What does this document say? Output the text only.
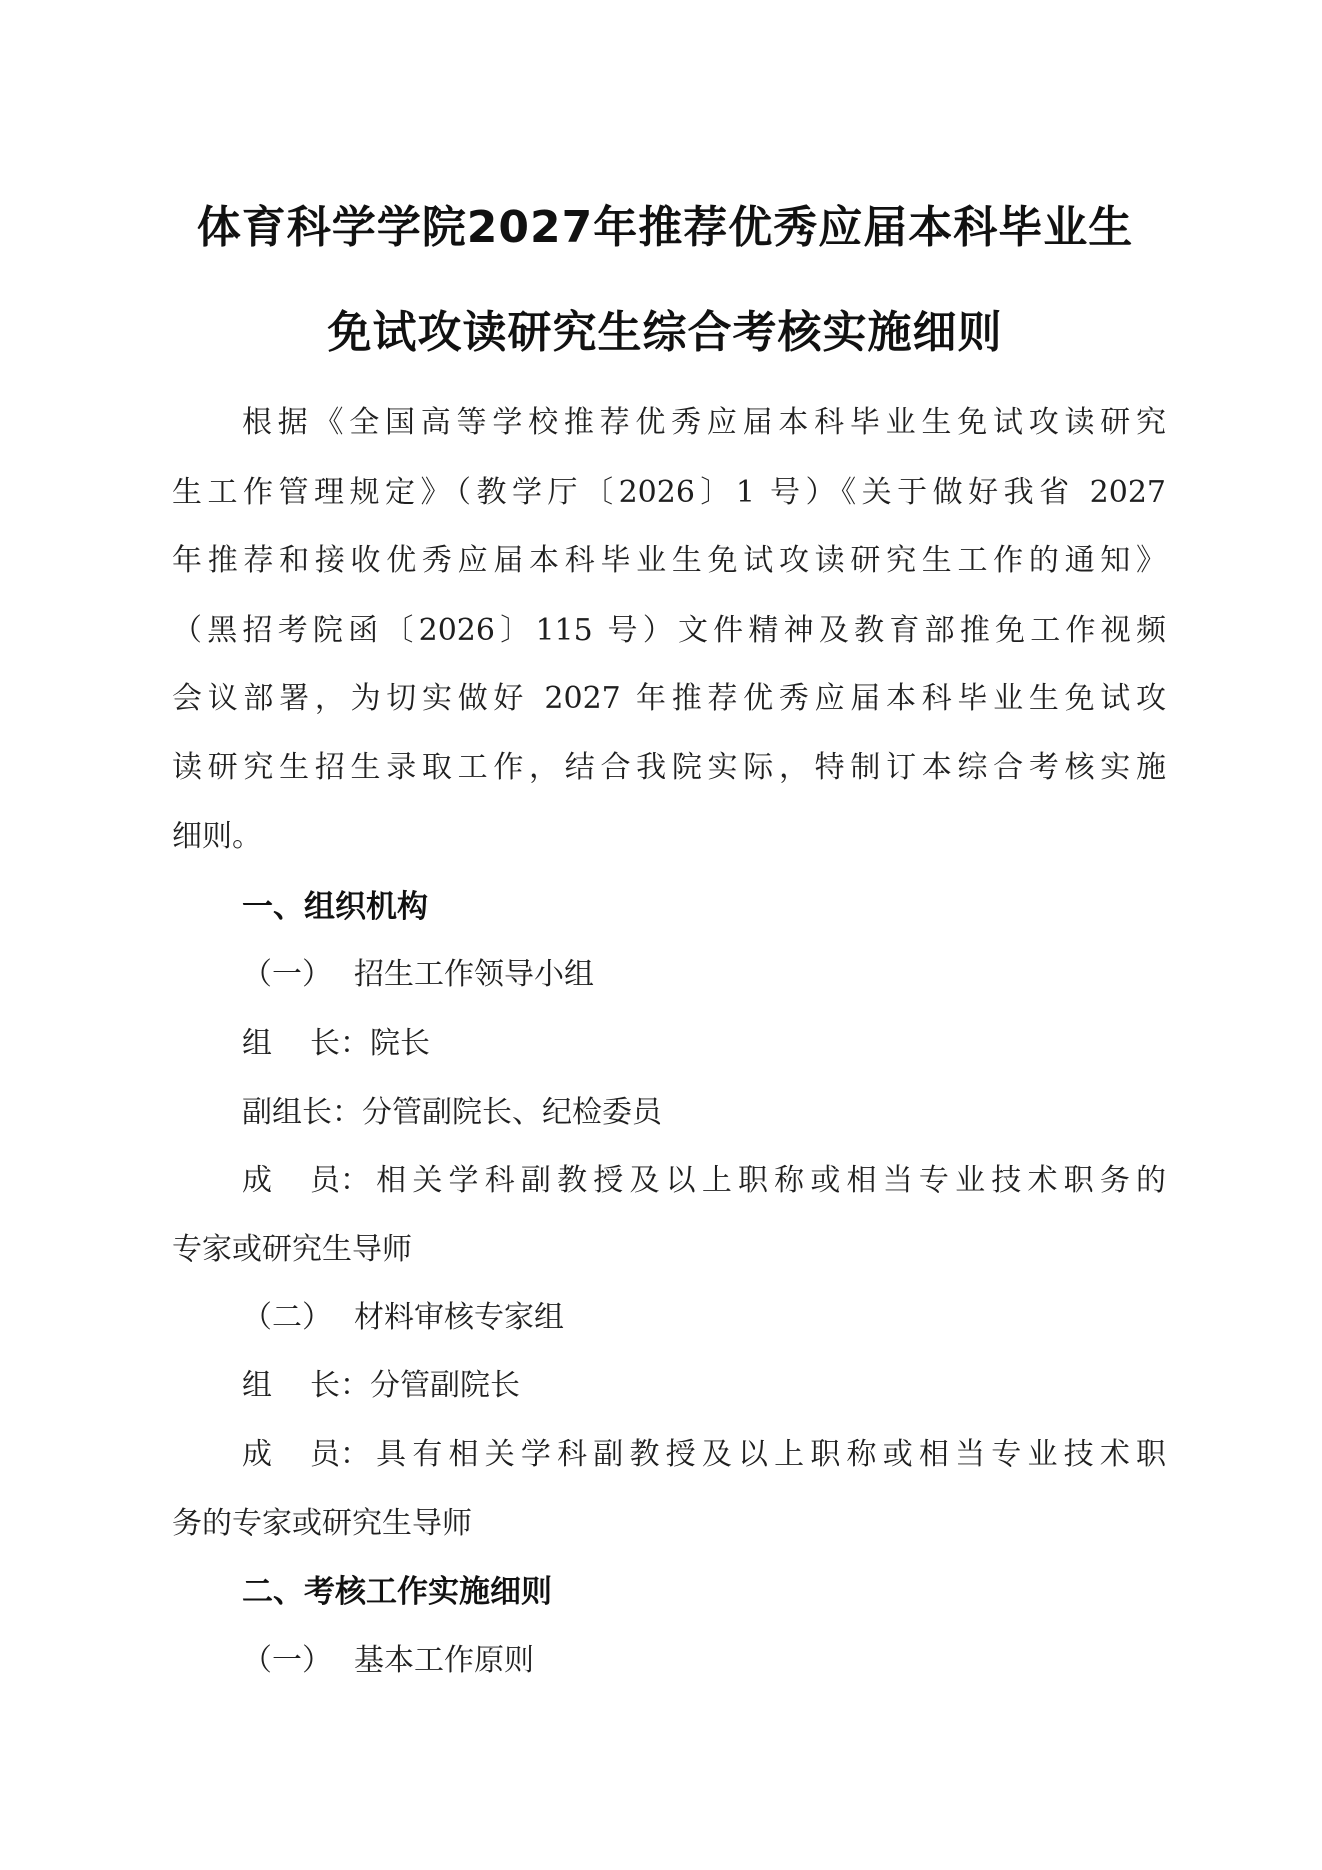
体育科学学院2027年推荐优秀应届本科毕业生
免试攻读研究生综合考核实施细则
根据《全国高等学校推荐优秀应届本科毕业生免试攻读研究
生工作管理规定》（教学厅〔2026〕1 号）《关于做好我省 2027
年推荐和接收优秀应届本科毕业生免试攻读研究生工作的通知》
（黑招考院函〔2026〕115 号）文件精神及教育部推免工作视频
会议部署，为切实做好 2027 年推荐优秀应届本科毕业生免试攻
读研究生招生录取工作，结合我院实际，特制订本综合考核实施
细则。
一、组织机构
（一） 招生工作领导小组
组长：院长
副组长：分管副院长、纪检委员
成员：相关学科副教授及以上职称或相当专业技术职务的
专家或研究生导师
（二） 材料审核专家组
组长：分管副院长
成员：具有相关学科副教授及以上职称或相当专业技术职
务的专家或研究生导师
二、考核工作实施细则
（一） 基本工作原则
